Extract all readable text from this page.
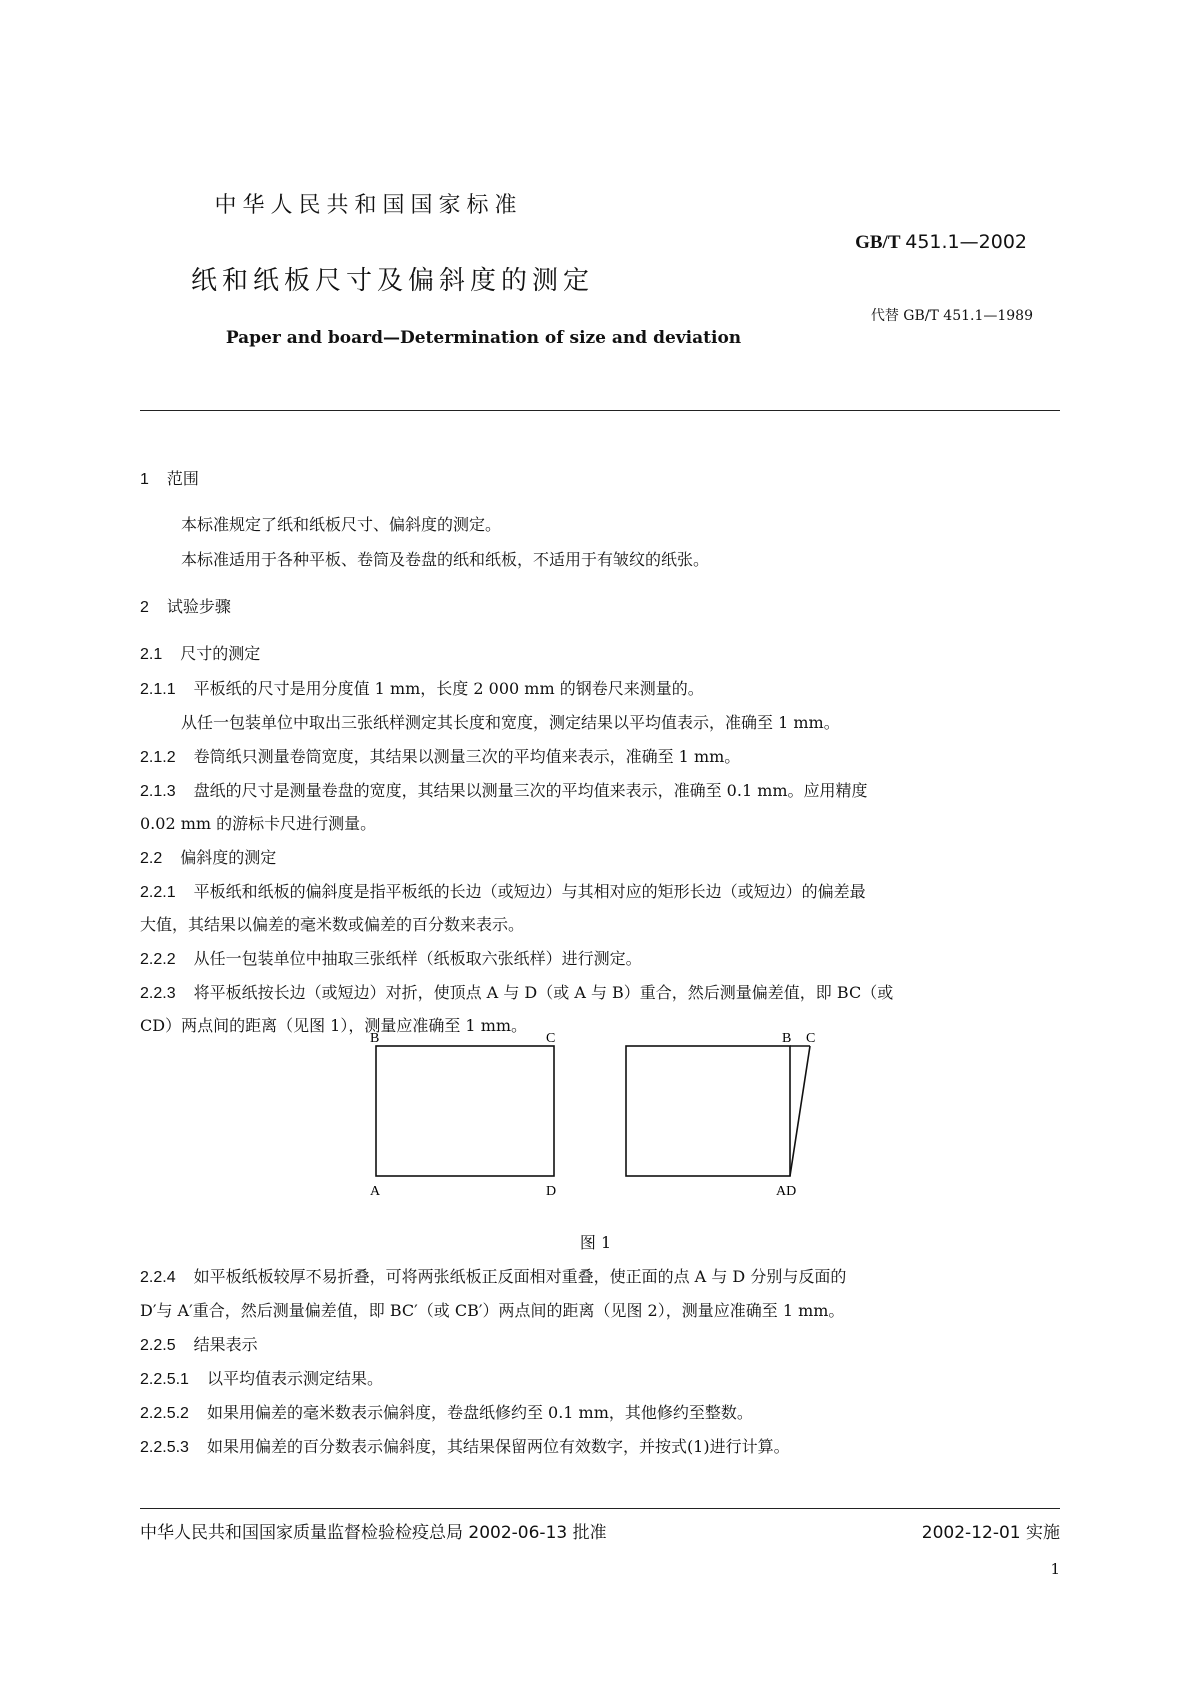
中华人民共和国国家标准
GB/T 451.1—2002
纸和纸板尺寸及偏斜度的测定
代替 GB/T 451.1—1989
Paper and board—Determination of size and deviation
1 范围
本标准规定了纸和纸板尺寸、偏斜度的测定。
本标准适用于各种平板、卷筒及卷盘的纸和纸板，不适用于有皱纹的纸张。
2 试验步骤
2.1 尺寸的测定
2.1.1 平板纸的尺寸是用分度值 1 mm，长度 2 000 mm 的钢卷尺来测量的。
从任一包装单位中取出三张纸样测定其长度和宽度，测定结果以平均值表示，准确至 1 mm。
2.1.2 卷筒纸只测量卷筒宽度，其结果以测量三次的平均值来表示，准确至 1 mm。
2.1.3 盘纸的尺寸是测量卷盘的宽度，其结果以测量三次的平均值来表示，准确至 0.1 mm。应用精度
0.02 mm 的游标卡尺进行测量。
2.2 偏斜度的测定
2.2.1 平板纸和纸板的偏斜度是指平板纸的长边（或短边）与其相对应的矩形长边（或短边）的偏差最
大值，其结果以偏差的毫米数或偏差的百分数来表示。
2.2.2 从任一包装单位中抽取三张纸样（纸板取六张纸样）进行测定。
2.2.3 将平板纸按长边（或短边）对折，使顶点 A 与 D（或 A 与 B）重合，然后测量偏差值，即 BC（或
CD）两点间的距离（见图 1），测量应准确至 1 mm。
B	C
A	D
B C
AD
图 1
2.2.4 如平板纸板较厚不易折叠，可将两张纸板正反面相对重叠，使正面的点 A 与 D 分别与反面的
D′与 A′重合，然后测量偏差值，即 BC′（或 CB′）两点间的距离（见图 2），测量应准确至 1 mm。
2.2.5 结果表示
2.2.5.1 以平均值表示测定结果。
2.2.5.2 如果用偏差的毫米数表示偏斜度，卷盘纸修约至 0.1 mm，其他修约至整数。
2.2.5.3 如果用偏差的百分数表示偏斜度，其结果保留两位有效数字，并按式(1)进行计算。
中华人民共和国国家质量监督检验检疫总局 2002-06-13 批准	2002-12-01 实施
1
